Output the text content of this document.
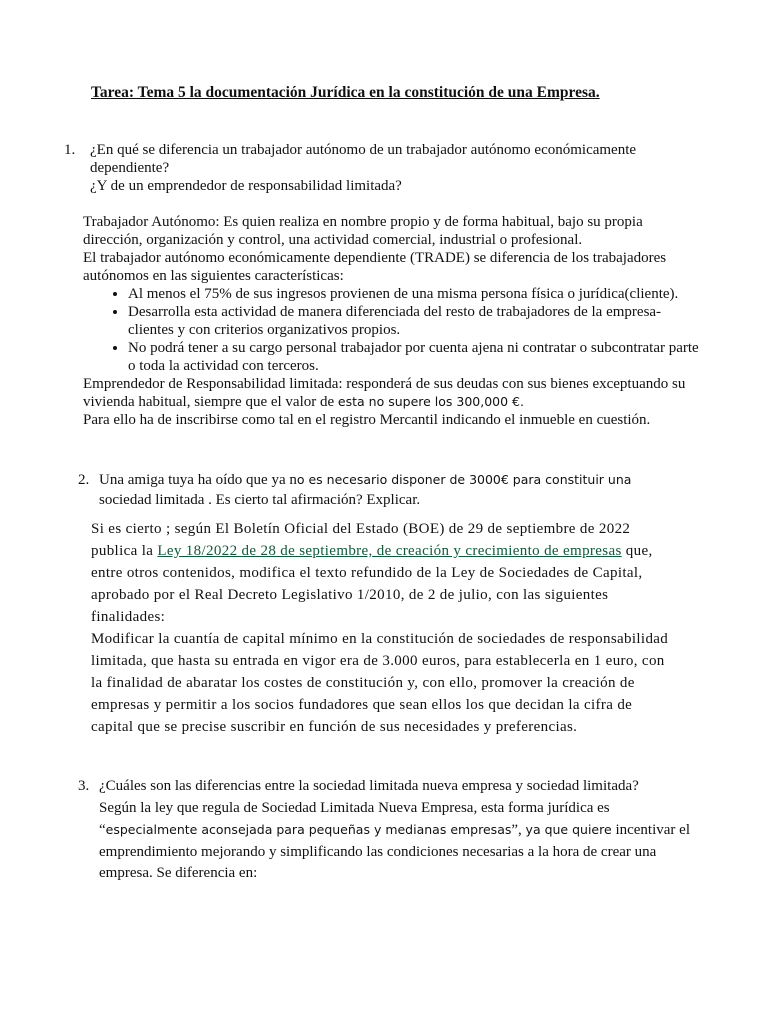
Tarea: Tema 5 la documentación Jurídica en la constitución de una Empresa.
1. ¿En qué se diferencia un trabajador autónomo de un trabajador autónomo económicamente
dependiente?
¿Y de un emprendedor de responsabilidad limitada?

Trabajador Autónomo: Es quien realiza en nombre propio y de forma habitual, bajo su propia dirección, organización y control, una actividad comercial, industrial o profesional.

El trabajador autónomo económicamente dependiente (TRADE) se diferencia de los trabajadores autónomos en las siguientes características:

• Al menos el 75% de sus ingresos provienen de una misma persona física o jurídica(cliente).
• Desarrolla esta actividad de manera diferenciada del resto de trabajadores de la empresa-clientes y con criterios organizativos propios.
• No podrá tener a su cargo personal trabajador por cuenta ajena ni contratar o subcontratar parte o toda la actividad con terceros.

Emprendedor de Responsabilidad limitada: responderá de sus deudas con sus bienes exceptuando su vivienda habitual, siempre que el valor de esta no supere los 300,000 €.

Para ello ha de inscribirse como tal en el registro Mercantil indicando el inmueble en cuestión.

2. Una amiga tuya ha oído que ya no es necesario disponer de 3000€ para constituir una
sociedad limitada . Es cierto tal afirmación? Explicar.

Si es cierto ; según El Boletín Oficial del Estado (BOE) de 29 de septiembre de 2022 publica la Ley 18/2022 de 28 de septiembre, de creación y crecimiento de empresas que, entre otros contenidos, modifica el texto refundido de la Ley de Sociedades de Capital, aprobado por el Real Decreto Legislativo 1/2010, de 2 de julio, con las siguientes finalidades:

Modificar la cuantía de capital mínimo en la constitución de sociedades de responsabilidad limitada, que hasta su entrada en vigor era de 3.000 euros, para establecerla en 1 euro, con la finalidad de abaratar los costes de constitución y, con ello, promover la creación de empresas y permitir a los socios fundadores que sean ellos los que decidan la cifra de capital que se precise suscribir en función de sus necesidades y preferencias.

3. ¿Cuáles son las diferencias entre la sociedad limitada nueva empresa y sociedad limitada?

Según la ley que regula de Sociedad Limitada Nueva Empresa, esta forma jurídica es “especialmente aconsejada para pequeñas y medianas empresas”, ya que quiere incentivar el emprendimiento mejorando y simplificando las condiciones necesarias a la hora de crear una empresa. Se diferencia en:
